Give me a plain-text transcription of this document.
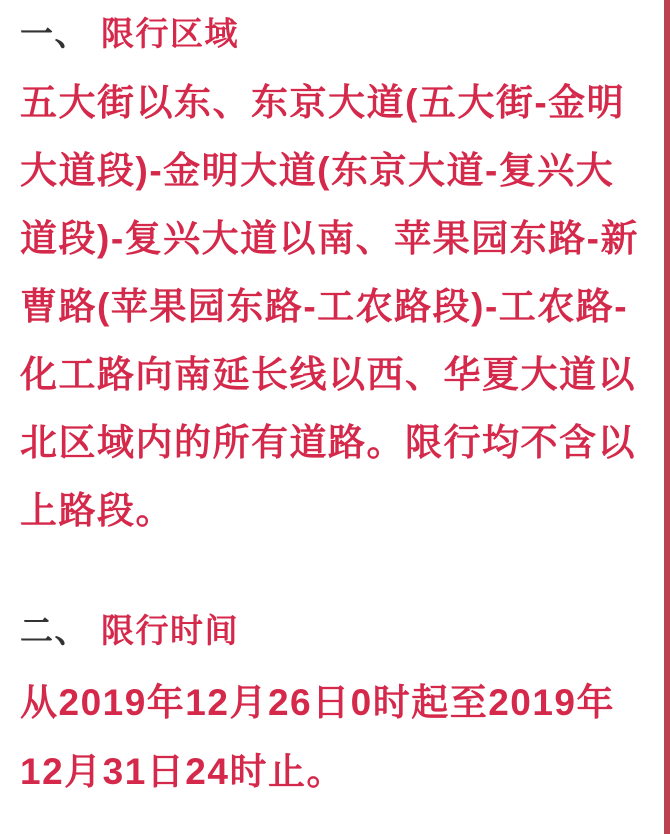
一、 限行区域
五大街以东、东京大道(五大街-金明
大道段)-金明大道(东京大道-复兴大
道段)-复兴大道以南、苹果园东路-新
曹路(苹果园东路-工农路段)-工农路-
化工路向南延长线以西、华夏大道以
北区域内的所有道路。限行均不含以
上路段。
二、 限行时间
从2019年12月26日0时起至2019年
12月31日24时止。
